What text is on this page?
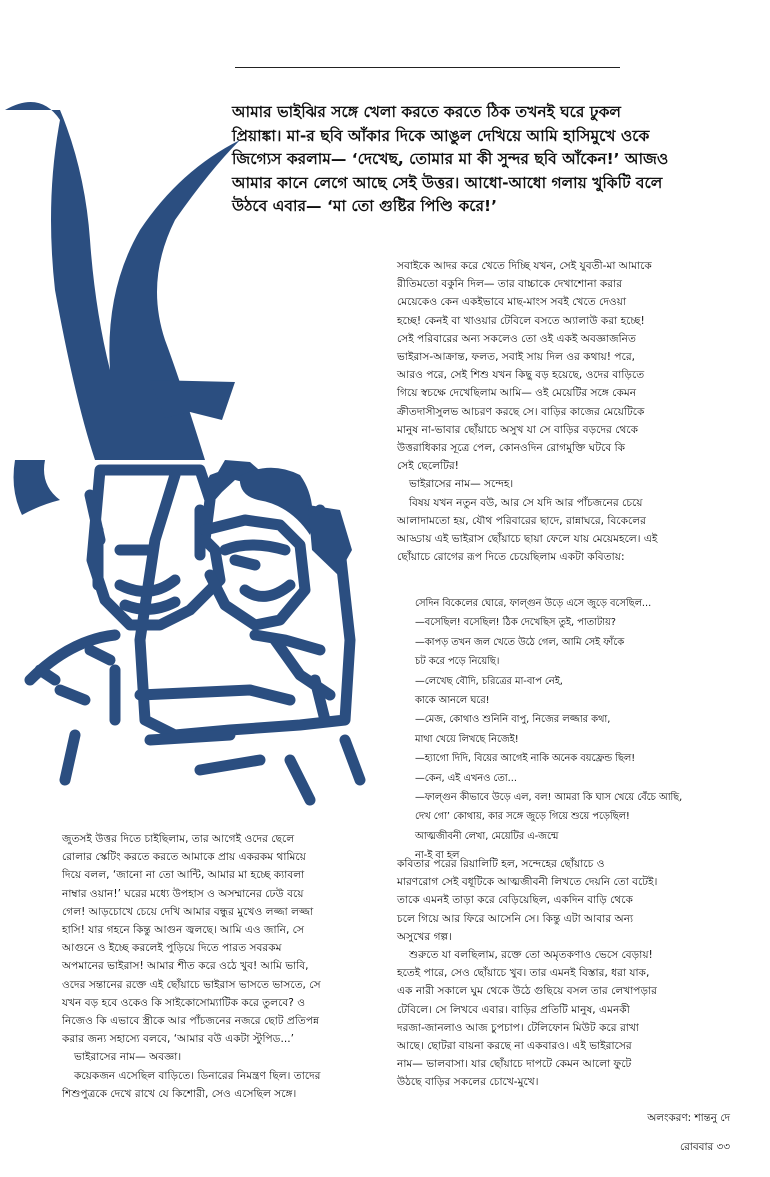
আমার ভাইঝির সঙ্গে খেলা করতে করতে ঠিক তখনই ঘরে ঢুকল
প্রিয়াঙ্কা। মা-র ছবি আঁকার দিকে আঙুল দেখিয়ে আমি হাসিমুখে ওকে
জিগ্যেস করলাম— ‘দেখেছ, তোমার মা কী সুন্দর ছবি আঁকেন!’ আজও
আমার কানে লেগে আছে সেই উত্তর। আধো-আধো গলায় খুকিটি বলে
উঠবে এবার— ‘মা তো গুষ্টির পিণ্ডি করে!’

সবাইকে আদর করে খেতে দিচ্ছি যখন, সেই যুবতী-মা আমাকে
রীতিমতো বকুনি দিল— তার বাচ্চাকে দেখাশোনা করার
মেয়েকেও কেন একইভাবে মাছ-মাংস সবই খেতে দেওয়া
হচ্ছে! কেনই বা খাওয়ার টেবিলে বসতে অ্যালাউ করা হচ্ছে!
সেই পরিবারের অন্য সকলেও তো ওই একই অবজ্ঞাজনিত
ভাইরাস-আক্রান্ত, ফলত, সবাই সায় দিল ওর কথায়! পরে,
আরও পরে, সেই শিশু যখন কিছু বড় হয়েছে, ওদের বাড়িতে
গিয়ে স্বচক্ষে দেখেছিলাম আমি— ওই মেয়েটির সঙ্গে কেমন
ক্রীতদাসীসুলভ আচরণ করছে সে। বাড়ির কাজের মেয়েটিকে
মানুষ না-ভাবার ছোঁয়াচে অসুখ যা সে বাড়ির বড়দের থেকে
উত্তরাধিকার সূত্রে পেল, কোনওদিন রোগমুক্তি ঘটবে কি
সেই ছেলেটির!

ভাইরাসের নাম— সন্দেহ।

বিষয় যখন নতুন বউ, আর সে যদি আর পাঁচজনের চেয়ে
আলাদামতো হয়, যৌথ পরিবারের ছাদে, রান্নাঘরে, বিকেলের
আড্ডায় এই ভাইরাস ছোঁয়াচে ছায়া ফেলে যায় মেয়েমহলে। এই
ছোঁয়াচে রোগের রূপ দিতে চেয়েছিলাম একটা কবিতায়:

সেদিন বিকেলের ঘোরে, ফাল্গুন উড়ে এসে জুড়ে বসেছিল...
—বসেছিল! বসেছিল! ঠিক দেখেছিস তুই, পাতাটায়?
—কাপড় তখন জল খেতে উঠে গেল, আমি সেই ফাঁকে
চট করে পড়ে নিয়েছি।
—লেখেছ বৌদি, চরিত্রের মা-বাপ নেই,
কাকে আনলে ঘরে!
—মেজ, কোথাও শুনিনি বাপু, নিজের লজ্জার কথা,
মাথা খেয়ে লিখছে নিজেই!
—হ্যাগো দিদি, বিয়ের আগেই নাকি অনেক বয়ফ্রেন্ড ছিল!
—কেন, এই এখনও তো...
—ফাল্গুন কীভাবে উড়ে এল, বল! আমরা কি ঘাস খেয়ে বেঁচে আছি,
দেখ গো’ কোথায়, কার সঙ্গে জুড়ে গিয়ে শুয়ে পড়েছিল!
আত্মজীবনী লেখা, মেয়েটির এ-জন্মে
না-ই বা হল

কবিতার পরের রিয়ালিটি হল, সন্দেহের ছোঁয়াচে ও
মারণরোগ সেই বধূটিকে আত্মজীবনী লিখতে দেয়নি তো বটেই।
তাকে এমনই তাড়া করে বেড়িয়েছিল, একদিন বাড়ি থেকে
চলে গিয়ে আর ফিরে আসেনি সে। কিন্তু এটা আবার অন্য
অসুখের গল্প।

শুরুতে যা বলছিলাম, রক্তে তো অমৃতকণাও ভেসে বেড়ায়!
হতেই পারে, সেও ছোঁয়াচে খুব। তার এমনই বিস্তার, ধরা যাক,
এক নারী সকালে ঘুম থেকে উঠে গুছিয়ে বসল তার লেখাপড়ার
টেবিলে। সে লিখবে এবার। বাড়ির প্রতিটি মানুষ, এমনকী
দরজা-জানলাও আজ চুপচাপ। টেলিফোন মিউট করে রাখা
আছে। ছোটরা বায়না করছে না একবারও। এই ভাইরাসের
নাম— ভালবাসা। যার ছোঁয়াচে দাপটে কেমন আলো ফুটে
উঠছে বাড়ির সকলের চোখে-মুখে।

জুতসই উত্তর দিতে চাইছিলাম, তার আগেই ওদের ছেলে
রোলার স্কেটিং করতে করতে আমাকে প্রায় একরকম থামিয়ে
দিয়ে বলল, ‘জানো না তো আন্টি, আমার মা হচ্ছে ক্যাবলা
নাম্বার ওয়ান!’ ঘরের মধ্যে উপহাস ও অসম্মানের ঢেউ বয়ে
গেল! আড়চোখে চেয়ে দেখি আমার বন্ধুর মুখেও লজ্জা লজ্জা
হাসি! যার গহনে কিন্তু আগুন জ্বলছে। আমি এও জানি, সে
আগুনে ও ইচ্ছে করলেই পুড়িয়ে দিতে পারত সবরকম
অপমানের ভাইরাস! আমার শীত করে ওঠে খুব! আমি ভাবি,
ওদের সন্তানের রক্তে এই ছোঁয়াচে ভাইরাস ভাসতে ভাসতে, সে
যখন বড় হবে ওকেও কি সাইকোসোম্যাটিক করে তুলবে? ও
নিজেও কি এভাবে স্ত্রীকে আর পাঁচজনের নজরে ছোট প্রতিপন্ন
করার জন্য সহাস্যে বলবে, ‘আমার বউ একটা স্টুপিড...’

ভাইরাসের নাম— অবজ্ঞা।

কয়েকজন এসেছিল বাড়িতে। ডিনারের নিমন্ত্রণ ছিল। তাদের
শিশুপুত্রকে দেখে রাখে যে কিশোরী, সেও এসেছিল সঙ্গে।

অলংকরণ: শান্তনু দে
রোববার ৩৩
